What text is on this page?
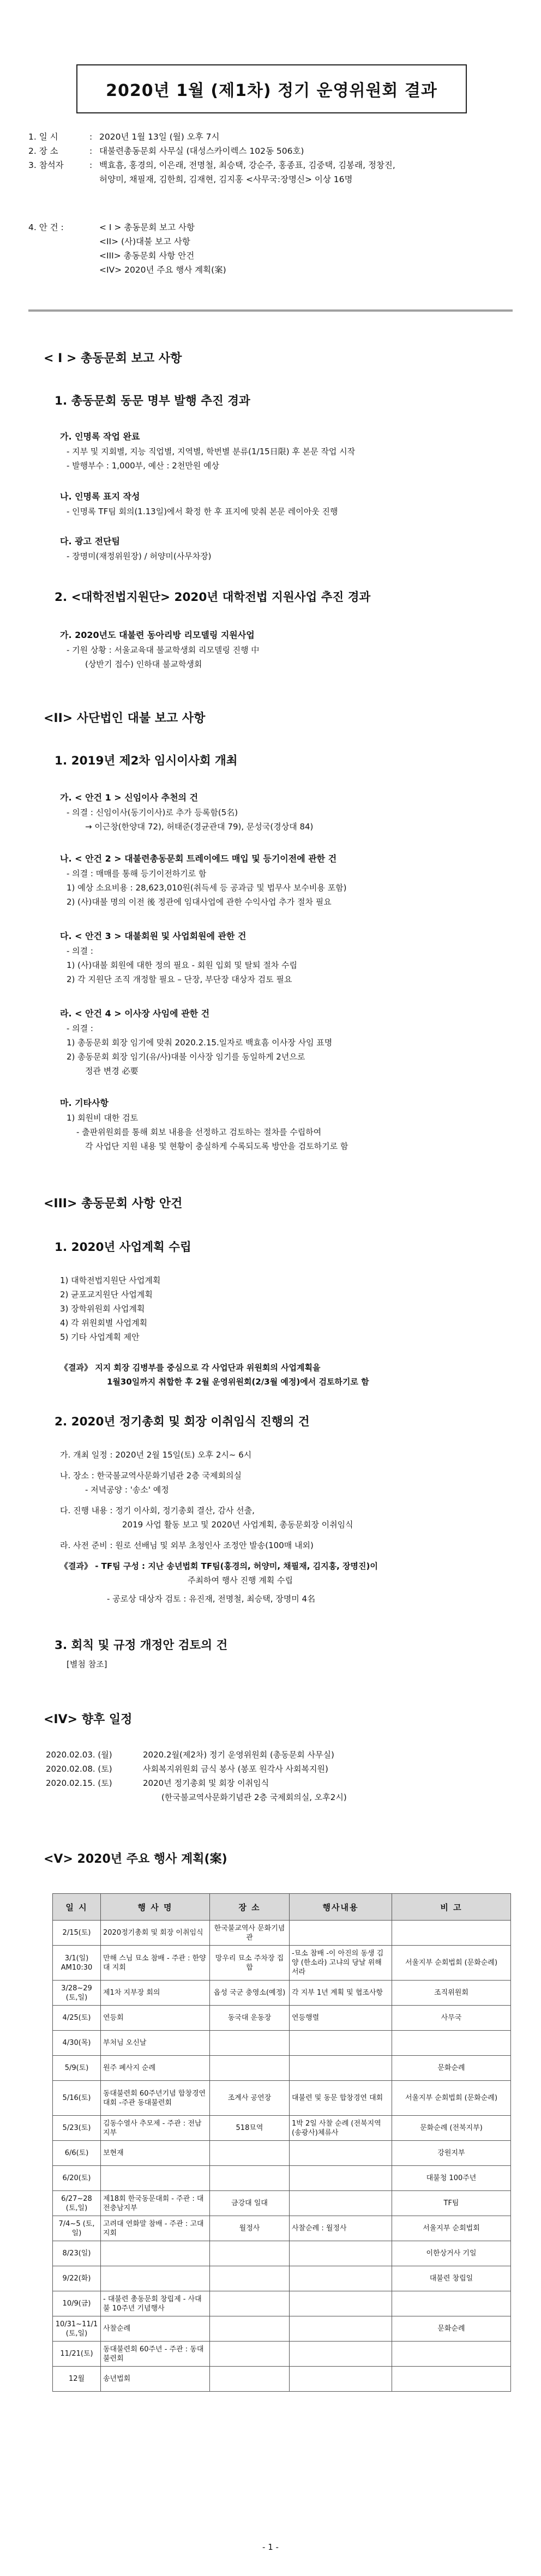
2020년 1월 (제1차) 정기 운영위원회 결과
1. 일 시	: 2020년 1월 13일 (월) 오후 7시
2. 장 소	: 대불련총동문회 사무실 (대성스카이렉스 102동 506호)
3. 참석자	: 백효흠, 홍경의, 이은래, 전명철, 최승택, 강순주, 홍종표, 김중택, 김봉래, 정창진,
허양미, 채필재, 김한희, 김재현, 김지홍 <사무국:장명신> 이상 16명
4. 안 건 :	< I > 총동문회 보고 사항
<II> (사)대불 보고 사항
<III> 총동문회 사항 안건
<IV> 2020년 주요 행사 계획(案)
< I > 총동문회 보고 사항
1. 총동문회 동문 명부 발행 추진 경과
가. 인명록 작업 완료
- 지부 및 지회별, 지능 직업별, 지역별, 학번별 분류(1/15日限) 후 본문 작업 시작
- 발행부수 : 1,000부, 예산 : 2천만원 예상
나. 인명록 표지 작성
- 인명록 TF팀 회의(1.13일)에서 확정 한 후 표지에 맞춰 본문 레이아웃 진행
다. 광고 전단팀
- 장명미(재정위원장) / 허양미(사무차장)
2. <대학전법지원단> 2020년 대학전법 지원사업 추진 경과
가. 2020년도 대불련 동아리방 리모델링 지원사업
- 기원 상황 : 서울교육대 불교학생회 리모델링 진행 中
(상반기 접수) 인하대 불교학생회
<II> 사단법인 대불 보고 사항
1. 2019년 제2차 임시이사회 개최
가. < 안건 1 > 신임이사 추천의 건
- 의결 : 신임이사(동기이사)로 추가 등록함(5名)
→ 이근창(한양대 72), 허태준(경균관대 79), 문성국(경상대 84)
나. < 안건 2 > 대불련총동문회 트레이에드 매입 및 등기이전에 관한 건
- 의결 : 매매를 통해 등기이전하기로 함
1) 예상 소요비용 : 28,623,010원(취득세 등 공과금 및 법무사 보수비용 포함)
2) (사)대불 명의 이전 後 정관에 임대사업에 관한 수익사업 추가 절차 필요
다. < 안건 3 > 대불회원 및 사업회원에 관한 건
- 의결 :
1) (사)대불 회원에 대한 정의 필요 - 회원 입회 및 탈퇴 절차 수립
2) 각 지원단 조직 개정할 필요 – 단장, 부단장 대상자 검토 필요
라. < 안건 4 > 이사장 사임에 관한 건
- 의결 :
1) 총동문회 회장 임기에 맞춰 2020.2.15.일자로 백효흠 이사장 사임 표명
2) 총동문회 회장 임기(유/사)대불 이사장 임기를 동일하게 2년으로
정관 변경 必要
마. 기타사항
1) 회원비 대한 검토
- 출판위원회를 통해 회보 내용을 선정하고 검토하는 절차를 수립하여
각 사업단 지원 내용 및 현황이 충실하게 수록되도록 방안을 검토하기로 함
<III> 총동문회 사항 안건
1. 2020년 사업계획 수립
1) 대학전법지원단 사업계획
2) 균포교지원단 사업계획
3) 장학위원회 사업계획
4) 각 위원회별 사업계획
5) 기타 사업계획 제안
《결과》 지지 회장 김병부를 중심으로 각 사업단과 위원회의 사업계획을
1월30일까지 취합한 후 2월 운영위원회(2/3월 예정)에서 검토하기로 함
2. 2020년 정기총회 및 회장 이취임식 진행의 건
가. 개최 일정 : 2020년 2월 15일(토) 오후 2시~ 6시
나. 장소 : 한국불교역사문화기념관 2층 국제회의실
- 저녁공양 : '송소' 예정
다. 진행 내용 : 정기 이사회, 정기총회 결산, 감사 선출,
2019 사업 활동 보고 및 2020년 사업계획, 총동문회장 이취임식
라. 사전 준비 : 원로 선배님 및 외부 초청인사 조정안 발송(100매 내외)
《결과》 - TF팀 구성 : 지난 송년법회 TF팀(홍경의, 허양미, 채필재, 김지홍, 장명진)이
주최하여 행사 진행 계획 수립
- 공로상 대상자 검토 : 유진재, 전명철, 최승택, 장명미 4名
3. 회칙 및 규정 개정안 검토의 건
[별첨 참조]
<IV> 향후 일정
2020.02.03. (월)	2020.2월(제2차) 정기 운영위원회 (총동문회 사무실)
2020.02.08. (토)	사회복지위원회 금식 봉사 (봉포 원각사 사회복지원)
2020.02.15. (토)	2020년 정기총회 및 회장 이취임식
(한국불교역사문화기념관 2층 국제회의실, 오후2시)
<V> 2020년 주요 행사 계획(案)
일 시	행 사 명	장 소	행사내용	비 고
2/15(토)	2020정기총회 및 회장 이취임식	한국불교역사 문화기념관		
3/1(일) AM10:30	만해 스님 묘소 참배 - 주관 : 한양대 지회	망우리 묘소 주차장 집합	-묘소 참배 -이 아진의 동생 김양 (한소라) 고냐의 당날 위해 서라	서울지부 순회법회 (문화순례)
3/28~29 (토,일)	제1차 지부장 회의	옵성 국군 충영소(예정)	각 지부 1년 계획 및 협조사항	조직위원회
4/25(토)	연등회	동국대 운동장	연등행렬	사무국
4/30(목)	부처님 오신날			
5/9(토)	원주 폐사지 순례			문화순례
5/16(토)	동대불련회 60주년기념 합창경연 대회 -주관 동대불련회	조계사 공연장	대불련 및 동문 합창경연 대회	서울지부 순회법회 (문화순례)
5/23(토)	김동수열사 추모제 - 주관 : 전남지부	518묘역	1박 2일 사찰 순례 (전북지역(송광사)체류사	문화순례 (전북지부)
6/6(토)	보현재			강원지부
6/20(토)				대불청 100주년
6/27~28 (토,일)	제18회 한국동문대회 - 주관 : 대전충남지부	금강대 일대		TF팀
7/4~5 (토,일)	고려대 연화말 참배 - 주관 : 고대 지회	월정사	사찰순례 : 월정사	서울지부 순회법회
8/23(일)				이한상거사 기일
9/22(화)				대불련 창립일
10/9(금)	- 대불련 총동문회 창립제 - 사대불 10주년 기념행사			
10/31~11/1 (토,일)	사찰순례			문화순례
11/21(토)	동대불련회 60주년 - 주관 : 동대불련회			
12월	송년법회			
- 1 -
